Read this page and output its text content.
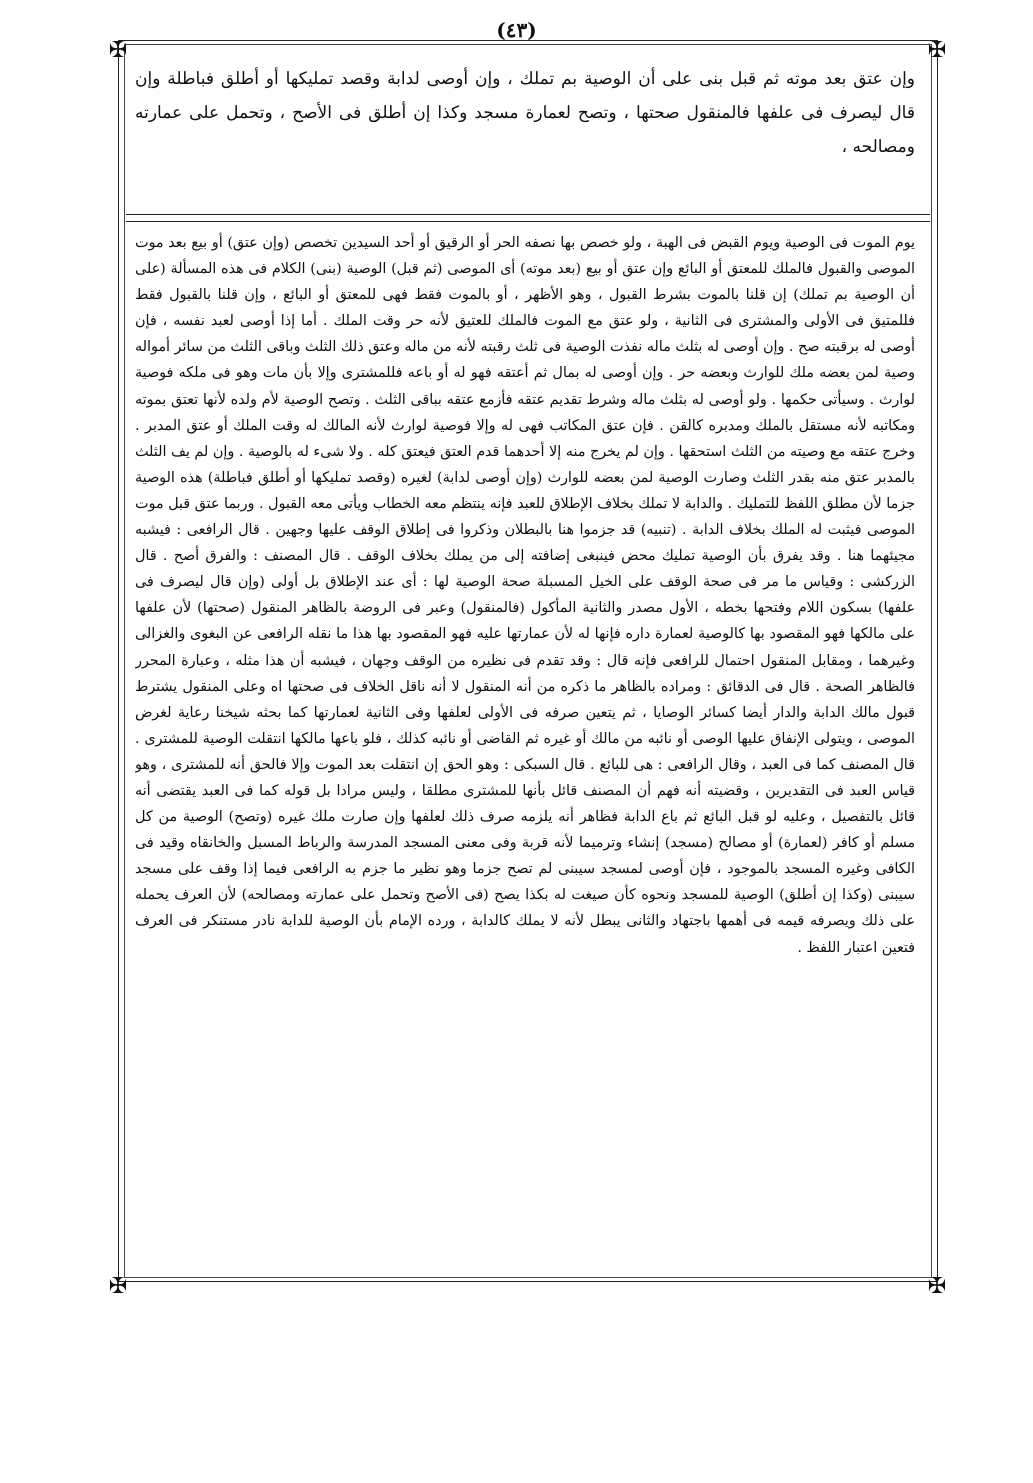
(٤٣)
✠	✠
✠	✠

وإن عتق بعد موته ثم قبل بنى على أن الوصية بم تملك ، وإن أوصى لدابة وقصد تمليكها أو أطلق فباطلة وإن قال ليصرف فى علفها فالمنقول صحتها ، وتصح لعمارة مسجد وكذا إن أطلق فى الأصح ، وتحمل على عمارته ومصالحه ،

يوم الموت فى الوصية ويوم القبض فى الهبة ، ولو خصص بها نصفه الحر أو الرقيق أو أحد السيدين تخصص (وإن عتق) أو بيع بعد موت الموصى والقبول فالملك للمعتق أو البائع وإن عتق أو بيع (بعد موته) أى الموصى (ثم قبل) الوصية (بنى) الكلام فى هذه المسألة (على أن الوصية بم تملك) إن قلنا بالموت بشرط القبول ، وهو الأظهر ، أو بالموت فقط فهى للمعتق أو البائع ، وإن قلنا بالقبول فقط فللمتيق فى الأولى والمشترى فى الثانية ، ولو عتق مع الموت فالملك للعتيق لأنه حر وقت الملك . أما إذا أوصى لعبد نفسه ، فإن أوصى له برقبته صح . وإن أوصى له بثلث ماله نفذت الوصية فى ثلث رقبته لأنه من ماله وعتق ذلك الثلث وباقى الثلث من سائر أمواله وصية لمن بعضه ملك للوارث وبعضه حر . وإن أوصى له بمال ثم أعتقه فهو له أو باعه فللمشترى وإلا بأن مات وهو فى ملكه فوصية لوارث . وسيأتى حكمها . ولو أوصى له بثلث ماله وشرط تقديم عتقه فأزمع عتقه بباقى الثلث . وتصح الوصية لأم ولده لأنها تعتق بموته ومكاتبه لأنه مستقل بالملك ومدبره كالقن . فإن عتق المكاتب فهى له وإلا فوصية لوارث لأنه المالك له وقت الملك أو عتق المدبر . وخرج عتقه مع وصيته من الثلث استحقها . وإن لم يخرج منه إلا أحدهما قدم العتق فيعتق كله . ولا شىء له بالوصية . وإن لم يف الثلث بالمدبر عتق منه بقدر الثلث وصارت الوصية لمن بعضه للوارث (وإن أوصى لدابة) لغيره (وقصد تمليكها أو أطلق فباطلة) هذه الوصية جزما لأن مطلق اللفظ للتمليك . والدابة لا تملك بخلاف الإطلاق للعبد فإنه ينتظم معه الخطاب ويأتى معه القبول . وربما عتق قبل موت الموصى فيثبت له الملك بخلاف الدابة . (تنبيه) قد جزموا هنا بالبطلان وذكروا فى إطلاق الوقف عليها وجهين . قال الرافعى : فيشبه مجيئهما هنا . وقد يفرق بأن الوصية تمليك محض فينبغى إضافته إلى من يملك بخلاف الوقف . قال المصنف : والفرق أصح . قال الزركشى : وقياس ما مر فى صحة الوقف على الخيل المسبلة صحة الوصية لها : أى عند الإطلاق بل أولى (وإن قال ليصرف فى علفها) بسكون اللام وفتحها بخطه ، الأول مصدر والثانية المأكول (فالمنقول) وعبر فى الروضة بالظاهر المنقول (صحتها) لأن علفها على مالكها فهو المقصود بها كالوصية لعمارة داره فإنها له لأن عمارتها عليه فهو المقصود بها هذا ما نقله الرافعى عن البغوى والغزالى وغيرهما ، ومقابل المنقول احتمال للرافعى فإنه قال : وقد تقدم فى نظيره من الوقف وجهان ، فيشبه أن هذا مثله ، وعبارة المحرر فالظاهر الصحة . قال فى الدقائق : ومراده بالظاهر ما ذكره من أنه المنقول لا أنه ناقل الخلاف فى صحتها اه وعلى المنقول يشترط قبول مالك الدابة والدار أيضا كسائر الوصايا ، ثم يتعين صرفه فى الأولى لعلفها وفى الثانية لعمارتها كما بحثه شيخنا رعاية لغرض الموصى ، ويتولى الإنفاق عليها الوصى أو نائبه من مالك أو غيره ثم القاضى أو نائبه كذلك ، فلو باعها مالكها انتقلت الوصية للمشترى . قال المصنف كما فى العبد ، وقال الرافعى : هى للبائع . قال السبكى : وهو الحق إن انتقلت بعد الموت وإلا فالحق أنه للمشترى ، وهو قياس العبد فى التقديرين ، وقضيته أنه فهم أن المصنف قائل بأنها للمشترى مطلقا ، وليس مرادا بل قوله كما فى العبد يقتضى أنه قائل بالتفصيل ، وعليه لو قبل البائع ثم باع الدابة فظاهر أنه يلزمه صرف ذلك لعلفها وإن صارت ملك غيره (وتصح) الوصية من كل مسلم أو كافر (لعمارة) أو مصالح (مسجد) إنشاء وترميما لأنه قربة وفى معنى المسجد المدرسة والرباط المسبل والخانقاه وقيد فى الكافى وغيره المسجد بالموجود ، فإن أوصى لمسجد سيبنى لم تصح جزما وهو نظير ما جزم به الرافعى فيما إذا وقف على مسجد سيبنى (وكذا إن أطلق) الوصية للمسجد ونحوه كأن صيغت له بكذا يصح (فى الأصح وتحمل على عمارته ومصالحه) لأن العرف يحمله على ذلك ويصرفه قيمه فى أهمها باجتهاد والثانى يبطل لأنه لا يملك كالدابة ، ورده الإمام بأن الوصية للدابة نادر مستنكر فى العرف فتعين اعتبار اللفظ .
